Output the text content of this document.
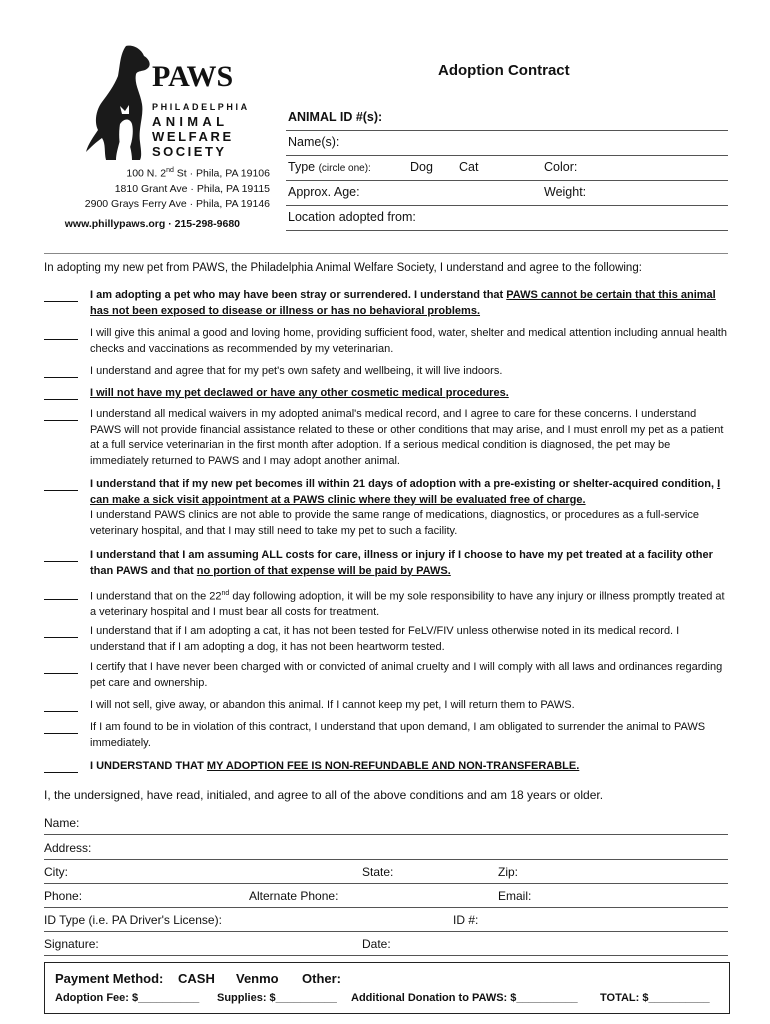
PAWS
PHILADELPHIA
ANIMAL
WELFARE
SOCIETY
100 N. 2nd St · Phila, PA 19106
1810 Grant Ave · Phila, PA 19115
2900 Grays Ferry Ave · Phila, PA 19146
www.phillypaws.org · 215-298-9680
Adoption Contract
ANIMAL ID #(s):
Name(s):
Type (circle one):	Dog Cat	Color:
Approx. Age:	Weight:
Location adopted from:
In adopting my new pet from PAWS, the Philadelphia Animal Welfare Society, I understand and agree to the following:
I am adopting a pet who may have been stray or surrendered. I understand that PAWS cannot be certain that this animal has not been exposed to disease or illness or has no behavioral problems.
I will give this animal a good and loving home, providing sufficient food, water, shelter and medical attention including annual health checks and vaccinations as recommended by my veterinarian.
I understand and agree that for my pet's own safety and wellbeing, it will live indoors.
I will not have my pet declawed or have any other cosmetic medical procedures.
I understand all medical waivers in my adopted animal's medical record, and I agree to care for these concerns. I understand PAWS will not provide financial assistance related to these or other conditions that may arise, and I must enroll my pet as a patient at a full service veterinarian in the first month after adoption. If a serious medical condition is diagnosed, the pet may be immediately returned to PAWS and I may adopt another animal.
I understand that if my new pet becomes ill within 21 days of adoption with a pre-existing or shelter-acquired condition, I can make a sick visit appointment at a PAWS clinic where they will be evaluated free of charge.
I understand PAWS clinics are not able to provide the same range of medications, diagnostics, or procedures as a full-service veterinary hospital, and that I may still need to take my pet to such a facility.
I understand that I am assuming ALL costs for care, illness or injury if I choose to have my pet treated at a facility other than PAWS and that no portion of that expense will be paid by PAWS.
I understand that on the 22nd day following adoption, it will be my sole responsibility to have any injury or illness promptly treated at a veterinary hospital and I must bear all costs for treatment.
I understand that if I am adopting a cat, it has not been tested for FeLV/FIV unless otherwise noted in its medical record. I understand that if I am adopting a dog, it has not been heartworm tested.
I certify that I have never been charged with or convicted of animal cruelty and I will comply with all laws and ordinances regarding pet care and ownership.
I will not sell, give away, or abandon this animal. If I cannot keep my pet, I will return them to PAWS.
If I am found to be in violation of this contract, I understand that upon demand, I am obligated to surrender the animal to PAWS immediately.
I UNDERSTAND THAT MY ADOPTION FEE IS NON-REFUNDABLE AND NON-TRANSFERABLE.
I, the undersigned, have read, initialed, and agree to all of the above conditions and am 18 years or older.
Name:
Address:
City:	State:	Zip:
Phone:	Alternate Phone:	Email:
ID Type (i.e. PA Driver's License):	ID #:
Signature:	Date:
Payment Method: CASH Venmo Other:
Adoption Fee: $__________ Supplies: $__________ Additional Donation to PAWS: $__________ TOTAL: $__________
